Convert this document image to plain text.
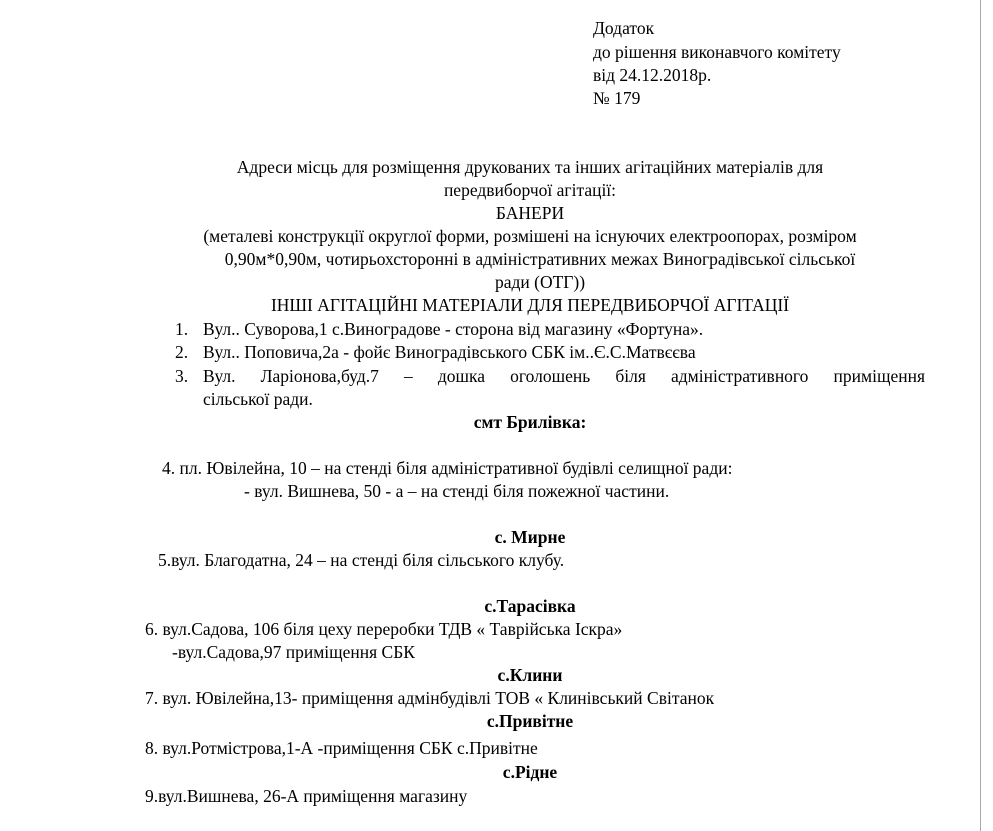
Додаток
до рішення виконавчого комітету
від 24.12.2018р.
№ 179
Адреси місць для розміщення друкованих та інших агітаційних матеріалів для
передвиборчої агітації:
БАНЕРИ
(металеві конструкції округлої форми, розмішені на існуючих електроопорах, розміром
0,90м*0,90м, чотирьохсторонні в адміністративних межах Виноградівської сільської
ради (ОТГ))
ІНШІ АГІТАЦІЙНІ МАТЕРІАЛИ ДЛЯ ПЕРЕДВИБОРЧОЇ АГІТАЦІЇ
1. Вул.. Суворова,1 с.Виноградове - сторона від магазину «Фортуна».
2. Вул.. Поповича,2а - фойє Виноградівського СБК ім..Є.С.Матвєєва
3. Вул. Ларіонова,буд.7 – дошка оголошень біля адміністративного приміщення
сільської ради.
смт Брилівка:
4. пл. Ювілейна, 10 – на стенді біля адміністративної будівлі селищної ради:
- вул. Вишнева, 50 - а – на стенді біля пожежної частини.
с. Мирне
5.вул. Благодатна, 24 – на стенді біля сільського клубу.
с.Тарасівка
6. вул.Садова, 106 біля цеху переробки ТДВ « Таврійська Іскра»
-вул.Садова,97 приміщення СБК
с.Клини
7. вул. Ювілейна,13- приміщення адмінбудівлі ТОВ « Клинівський Світанок
с.Привітне
8. вул.Ротмістрова,1-А -приміщення СБК с.Привітне
с.Рідне
9.вул.Вишнева, 26-А приміщення магазину
